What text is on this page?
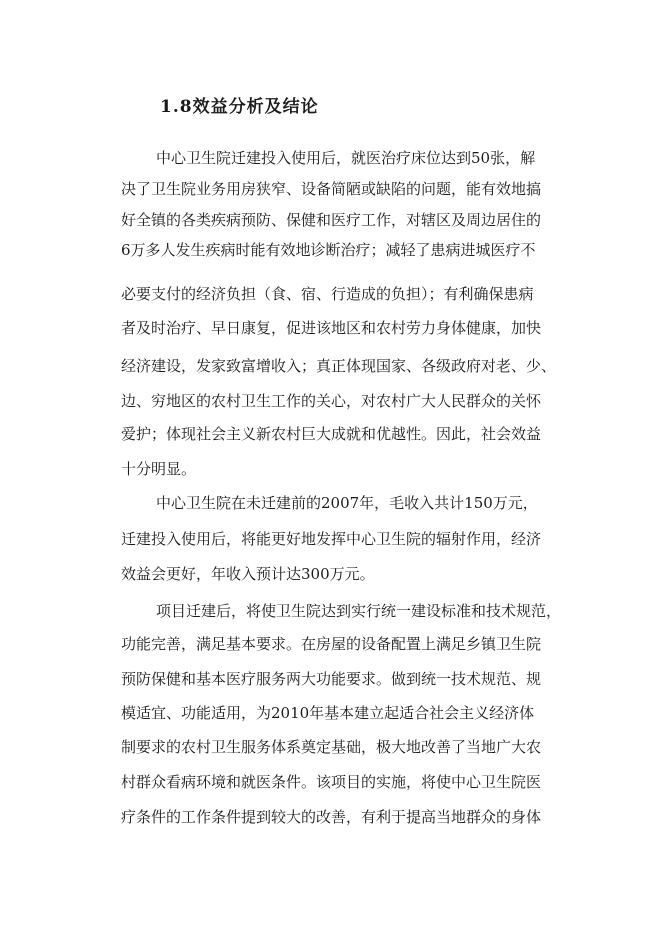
1.8效益分析及结论
中心卫生院迁建投入使用后，就医治疗床位达到50张，解
决了卫生院业务用房狭窄、设备简陋或缺陷的问题，能有效地搞
好全镇的各类疾病预防、保健和医疗工作，对辖区及周边居住的
6万多人发生疾病时能有效地诊断治疗；减轻了患病进城医疗不
必要支付的经济负担（食、宿、行造成的负担）；有利确保患病
者及时治疗、早日康复，促进该地区和农村劳力身体健康，加快
经济建设，发家致富增收入；真正体现国家、各级政府对老、少、
边、穷地区的农村卫生工作的关心，对农村广大人民群众的关怀
爱护；体现社会主义新农村巨大成就和优越性。因此，社会效益
十分明显。
中心卫生院在未迁建前的2007年，毛收入共计150万元，
迁建投入使用后，将能更好地发挥中心卫生院的辐射作用，经济
效益会更好，年收入预计达300万元。
项目迁建后，将使卫生院达到实行统一建设标准和技术规范，
功能完善，满足基本要求。在房屋的设备配置上满足乡镇卫生院
预防保健和基本医疗服务两大功能要求。做到统一技术规范、规
模适宜、功能适用，为2010年基本建立起适合社会主义经济体
制要求的农村卫生服务体系奠定基础，极大地改善了当地广大农
村群众看病环境和就医条件。该项目的实施，将使中心卫生院医
疗条件的工作条件提到较大的改善，有利于提高当地群众的身体
